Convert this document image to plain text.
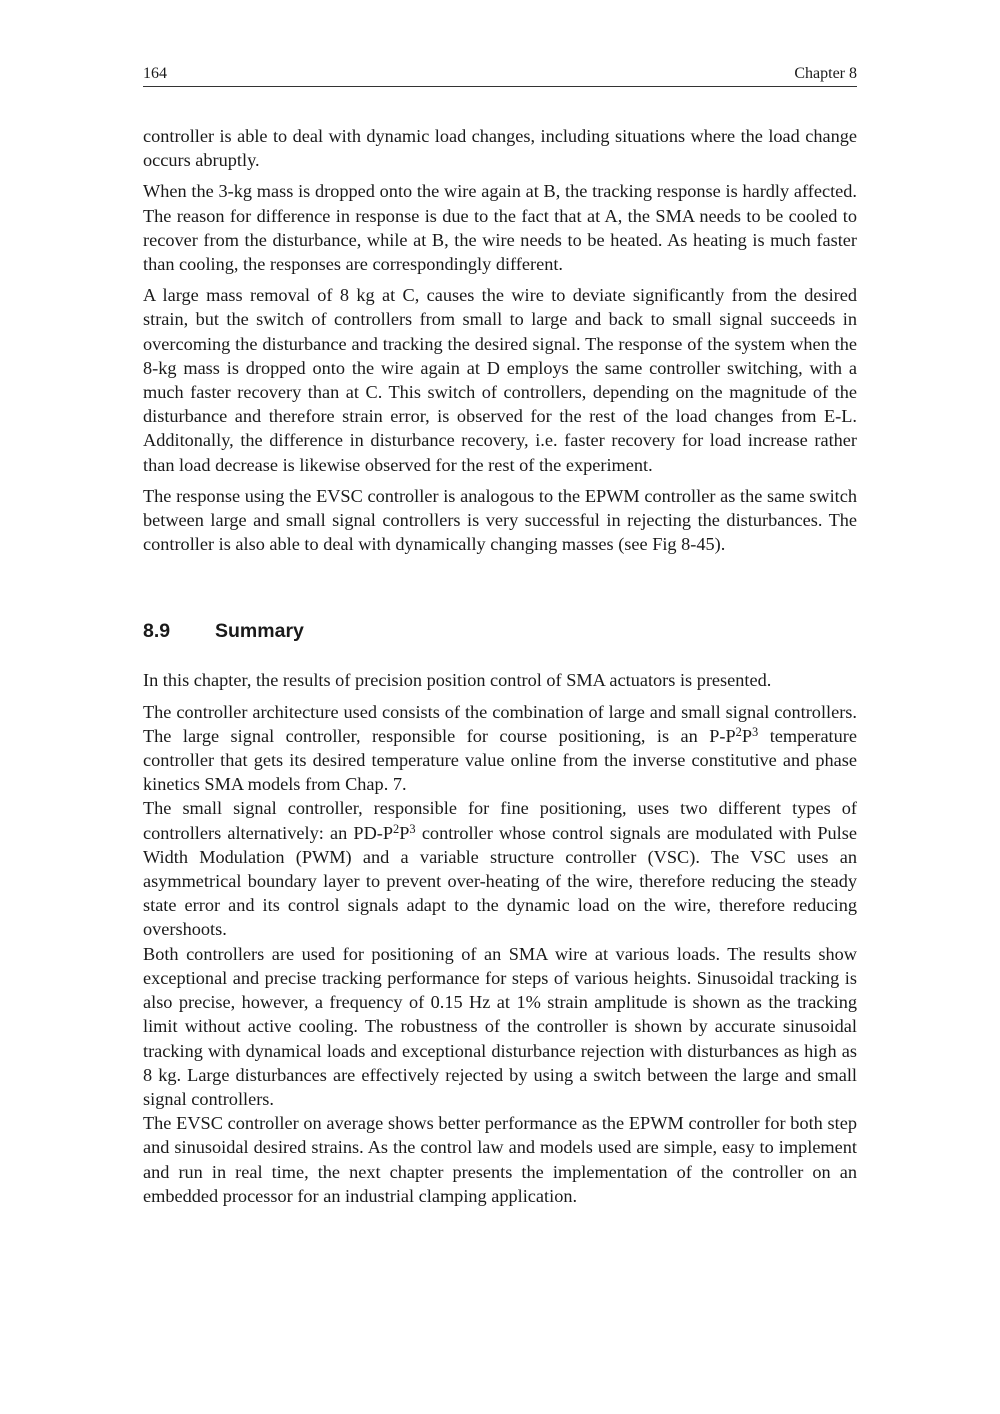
164	Chapter 8

controller is able to deal with dynamic load changes, including situations where the load change occurs abruptly.

When the 3-kg mass is dropped onto the wire again at B, the tracking response is hardly affected. The reason for difference in response is due to the fact that at A, the SMA needs to be cooled to recover from the disturbance, while at B, the wire needs to be heated. As heating is much faster than cooling, the responses are correspondingly different.

A large mass removal of 8 kg at C, causes the wire to deviate significantly from the desired strain, but the switch of controllers from small to large and back to small signal succeeds in overcoming the disturbance and tracking the desired signal. The response of the system when the 8-kg mass is dropped onto the wire again at D employs the same controller switching, with a much faster recovery than at C. This switch of controllers, depending on the magnitude of the disturbance and therefore strain error, is observed for the rest of the load changes from E-L. Additonally, the difference in disturbance recovery, i.e. faster recovery for load increase rather than load decrease is likewise observed for the rest of the experiment.

The response using the EVSC controller is analogous to the EPWM controller as the same switch between large and small signal controllers is very successful in rejecting the disturbances. The controller is also able to deal with dynamically changing masses (see Fig 8-45).

8.9	Summary

In this chapter, the results of precision position control of SMA actuators is presented.

The controller architecture used consists of the combination of large and small signal controllers. The large signal controller, responsible for course positioning, is an $P-P^2P^3$ temperature controller that gets its desired temperature value online from the inverse constitutive and phase kinetics SMA models from Chap. 7.

The small signal controller, responsible for fine positioning, uses two different types of controllers alternatively: an $PD-P^2P^3$ controller whose control signals are modulated with Pulse Width Modulation (PWM) and a variable structure controller (VSC). The VSC uses an asymmetrical boundary layer to prevent over-heating of the wire, therefore reducing the steady state error and its control signals adapt to the dynamic load on the wire, therefore reducing overshoots.

Both controllers are used for positioning of an SMA wire at various loads. The results show exceptional and precise tracking performance for steps of various heights. Sinusoidal tracking is also precise, however, a frequency of 0.15 Hz at 1% strain amplitude is shown as the tracking limit without active cooling. The robustness of the controller is shown by accurate sinusoidal tracking with dynamical loads and exceptional disturbance rejection with disturbances as high as 8 kg. Large disturbances are effectively rejected by using a switch between the large and small signal controllers.

The EVSC controller on average shows better performance as the EPWM controller for both step and sinusoidal desired strains. As the control law and models used are simple, easy to implement and run in real time, the next chapter presents the implementation of the controller on an embedded processor for an industrial clamping application.
